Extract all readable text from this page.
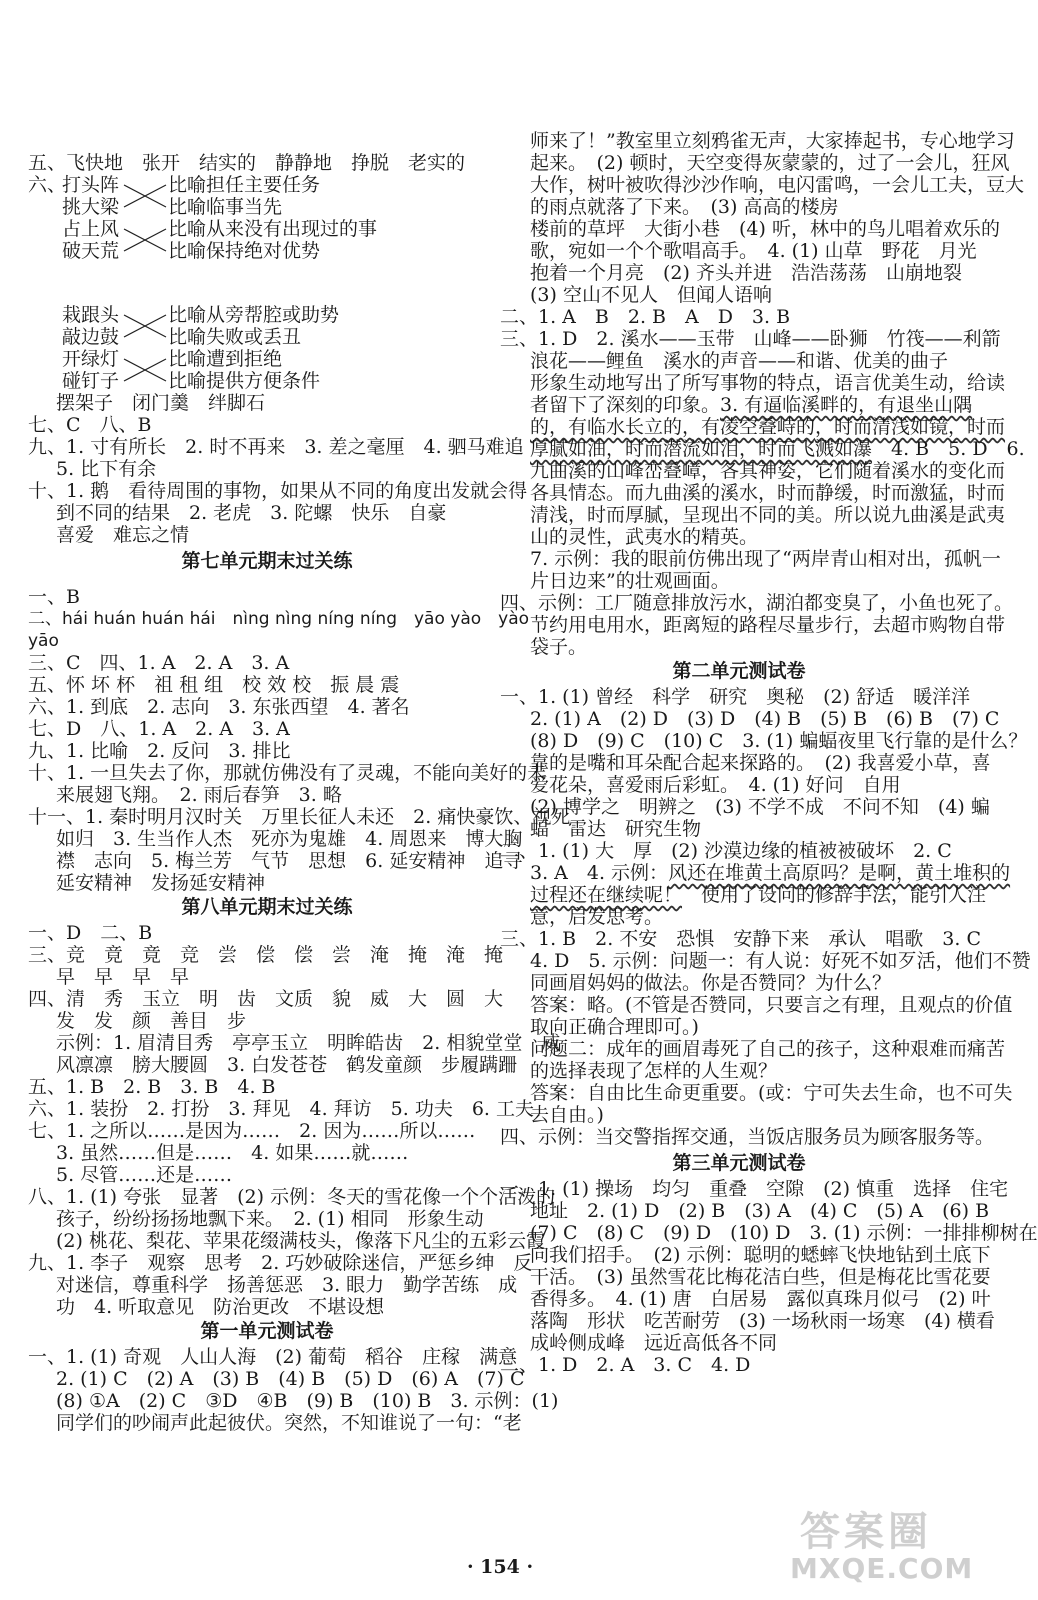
五、飞快地　张开　结实的　静静地　挣脱　老实的
六、
打头阵
挑大梁
占上风
破天荒
比喻担任主要任务
比喻临事当先
比喻从来没有出现过的事
比喻保持绝对优势
栽跟头
敲边鼓
开绿灯
碰钉子
比喻从旁帮腔或助势
比喻失败或丢丑
比喻遭到拒绝
比喻提供方便条件
摆架子　闭门羹　绊脚石
七、C　八、B
九、1. 寸有所长　2. 时不再来　3. 差之毫厘　4. 驷马难追
5. 比下有余
十、1. 鹅　看待周围的事物，如果从不同的角度出发就会得
到不同的结果　2. 老虎　3. 陀螺　快乐　自豪
喜爱　难忘之情
第七单元期末过关练
一、B
二、hái huán huán hái　nìng nìng níng níng　yāo yào　yào
yāo
三、C　四、1. A　2. A　3. A
五、怀 坏 杯　祖 租 组　校 效 校　振 晨 震
六、1. 到底　2. 志向　3. 东张西望　4. 著名
七、D　八、1. A　2. A　3. A
九、1. 比喻　2. 反问　3. 排比
十、1. 一旦失去了你，那就仿佛没有了灵魂，不能向美好的未
来展翅飞翔。　2. 雨后春笋　3. 略
十一、1. 秦时明月汉时关　万里长征人未还　2. 痛快豪饮、视死
如归　3. 生当作人杰　死亦为鬼雄　4. 周恩来　博大胸
襟　志向　5. 梅兰芳　气节　思想　6. 延安精神　追寻
延安精神　发扬延安精神
第八单元期末过关练
一、D　二、B
三、竞　竟　竟　竞　尝　偿　偿　尝　淹　掩　淹　掩
早　早　早　早
四、清　秀　玉立　明　齿　文质　貌　威　大　圆　大
发　发　颜　善目　步
示例：1. 眉清目秀　亭亭玉立　明眸皓齿　2. 相貌堂堂　威
风凛凛　膀大腰圆　3. 白发苍苍　鹤发童颜　步履蹒跚
五、1. B　2. B　3. B　4. B
六、1. 装扮　2. 打扮　3. 拜见　4. 拜访　5. 功夫　6. 工夫
七、1. 之所以……是因为……　2. 因为……所以……
3. 虽然……但是……　4. 如果……就……
5. 尽管……还是……
八、1. (1) 夸张　显著　(2) 示例：冬天的雪花像一个个活泼的
孩子，纷纷扬扬地飘下来。　2. (1) 相同　形象生动
(2) 桃花、梨花、苹果花缀满枝头，像落下凡尘的五彩云霞
九、1. 李子　观察　思考　2. 巧妙破除迷信，严惩乡绅　反
对迷信，尊重科学　扬善惩恶　3. 眼力　勤学苦练　成
功　4. 听取意见　防治更改　不堪设想
第一单元测试卷
一、1. (1) 奇观　人山人海　(2) 葡萄　稻谷　庄稼　满意
2. (1) C　(2) A　(3) B　(4) B　(5) D　(6) A　(7) C
(8) ①A　(2) C　③D　④B　(9) B　(10) B　3. 示例：(1)
同学们的吵闹声此起彼伏。突然，不知谁说了一句：“老
师来了！”教室里立刻鸦雀无声，大家捧起书，专心地学习
起来。　(2) 顿时，天空变得灰蒙蒙的，过了一会儿，狂风
大作，树叶被吹得沙沙作响，电闪雷鸣，一会儿工夫，豆大
的雨点就落了下来。　(3) 高高的楼房
楼前的草坪　大街小巷　(4) 听，林中的鸟儿唱着欢乐的
歌，宛如一个个歌唱高手。　4. (1) 山草　野花　月光
抱着一个月亮　(2) 齐头并进　浩浩荡荡　山崩地裂
(3) 空山不见人　但闻人语响
二、1. A　B　2. B　A　D　3. B
三、1. D　2. 溪水——玉带　山峰——卧狮　竹筏——利箭
浪花——鲤鱼　溪水的声音——和谐、优美的曲子
形象生动地写出了所写事物的特点，语言优美生动，给读
者留下了深刻的印象。3. 有逼临溪畔的，有退坐山隅
的，有临水长立的，有凌空叠峙的，时而清浅如镜，时而
厚腻如油，时而潜流如泪，时而飞溅如瀑　4. B　5. D　6.
九曲溪的山峰峦叠嶂，各具神姿，它们随着溪水的变化而
各具情态。而九曲溪的溪水，时而静缓，时而激猛，时而
清浅，时而厚腻，呈现出不同的美。所以说九曲溪是武夷
山的灵性，武夷水的精英。
7. 示例：我的眼前仿佛出现了“两岸青山相对出，孤帆一
片日边来”的壮观画面。
四、示例：工厂随意排放污水，湖泊都变臭了，小鱼也死了。
节约用电用水，距离短的路程尽量步行，去超市购物自带
袋子。
第二单元测试卷
一、1. (1) 曾经　科学　研究　奥秘　(2) 舒适　暖洋洋
2. (1) A　(2) D　(3) D　(4) B　(5) B　(6) B　(7) C
(8) D　(9) C　(10) C　3. (1) 蝙蝠夜里飞行靠的是什么？
靠的是嘴和耳朵配合起来探路的。　(2) 我喜爱小草，喜
爱花朵，喜爱雨后彩虹。　4. (1) 好问　自用
(2) 博学之　明辨之　(3) 不学不成　不问不知　(4) 蝙
蝠　雷达　研究生物
二、1. (1) 大　厚　(2) 沙漠边缘的植被被破坏　2. C
3. A　4. 示例：风还在堆黄土高原吗？是啊，黄土堆积的
过程还在继续呢！　使用了设问的修辞手法，能引人注
意，启发思考。
三、1. B　2. 不安　恐惧　安静下来　承认　唱歌　3. C
4. D　5. 示例：问题一：有人说：好死不如歹活，他们不赞
同画眉妈妈的做法。你是否赞同？为什么？
答案：略。(不管是否赞同，只要言之有理，且观点的价值
取向正确合理即可。)
问题二：成年的画眉毒死了自己的孩子，这种艰难而痛苦
的选择表现了怎样的人生观？
答案：自由比生命更重要。(或：宁可失去生命，也不可失
去自由。)
四、示例：当交警指挥交通，当饭店服务员为顾客服务等。
第三单元测试卷
一、1. (1) 操场　均匀　重叠　空隙　(2) 慎重　选择　住宅
地址　2. (1) D　(2) B　(3) A　(4) C　(5) A　(6) B
(7) C　(8) C　(9) D　(10) D　3. (1) 示例：一排排柳树在
向我们招手。　(2) 示例：聪明的蟋蟀飞快地钻到土底下
干活。　(3) 虽然雪花比梅花洁白些，但是梅花比雪花要
香得多。　4. (1) 唐　白居易　露似真珠月似弓　(2) 叶
落陶　形状　吃苦耐劳　(3) 一场秋雨一场寒　(4) 横看
成岭侧成峰　远近高低各不同
二、1. D　2. A　3. C　4. D
· 154 ·
答案圈
MXQE.COM
